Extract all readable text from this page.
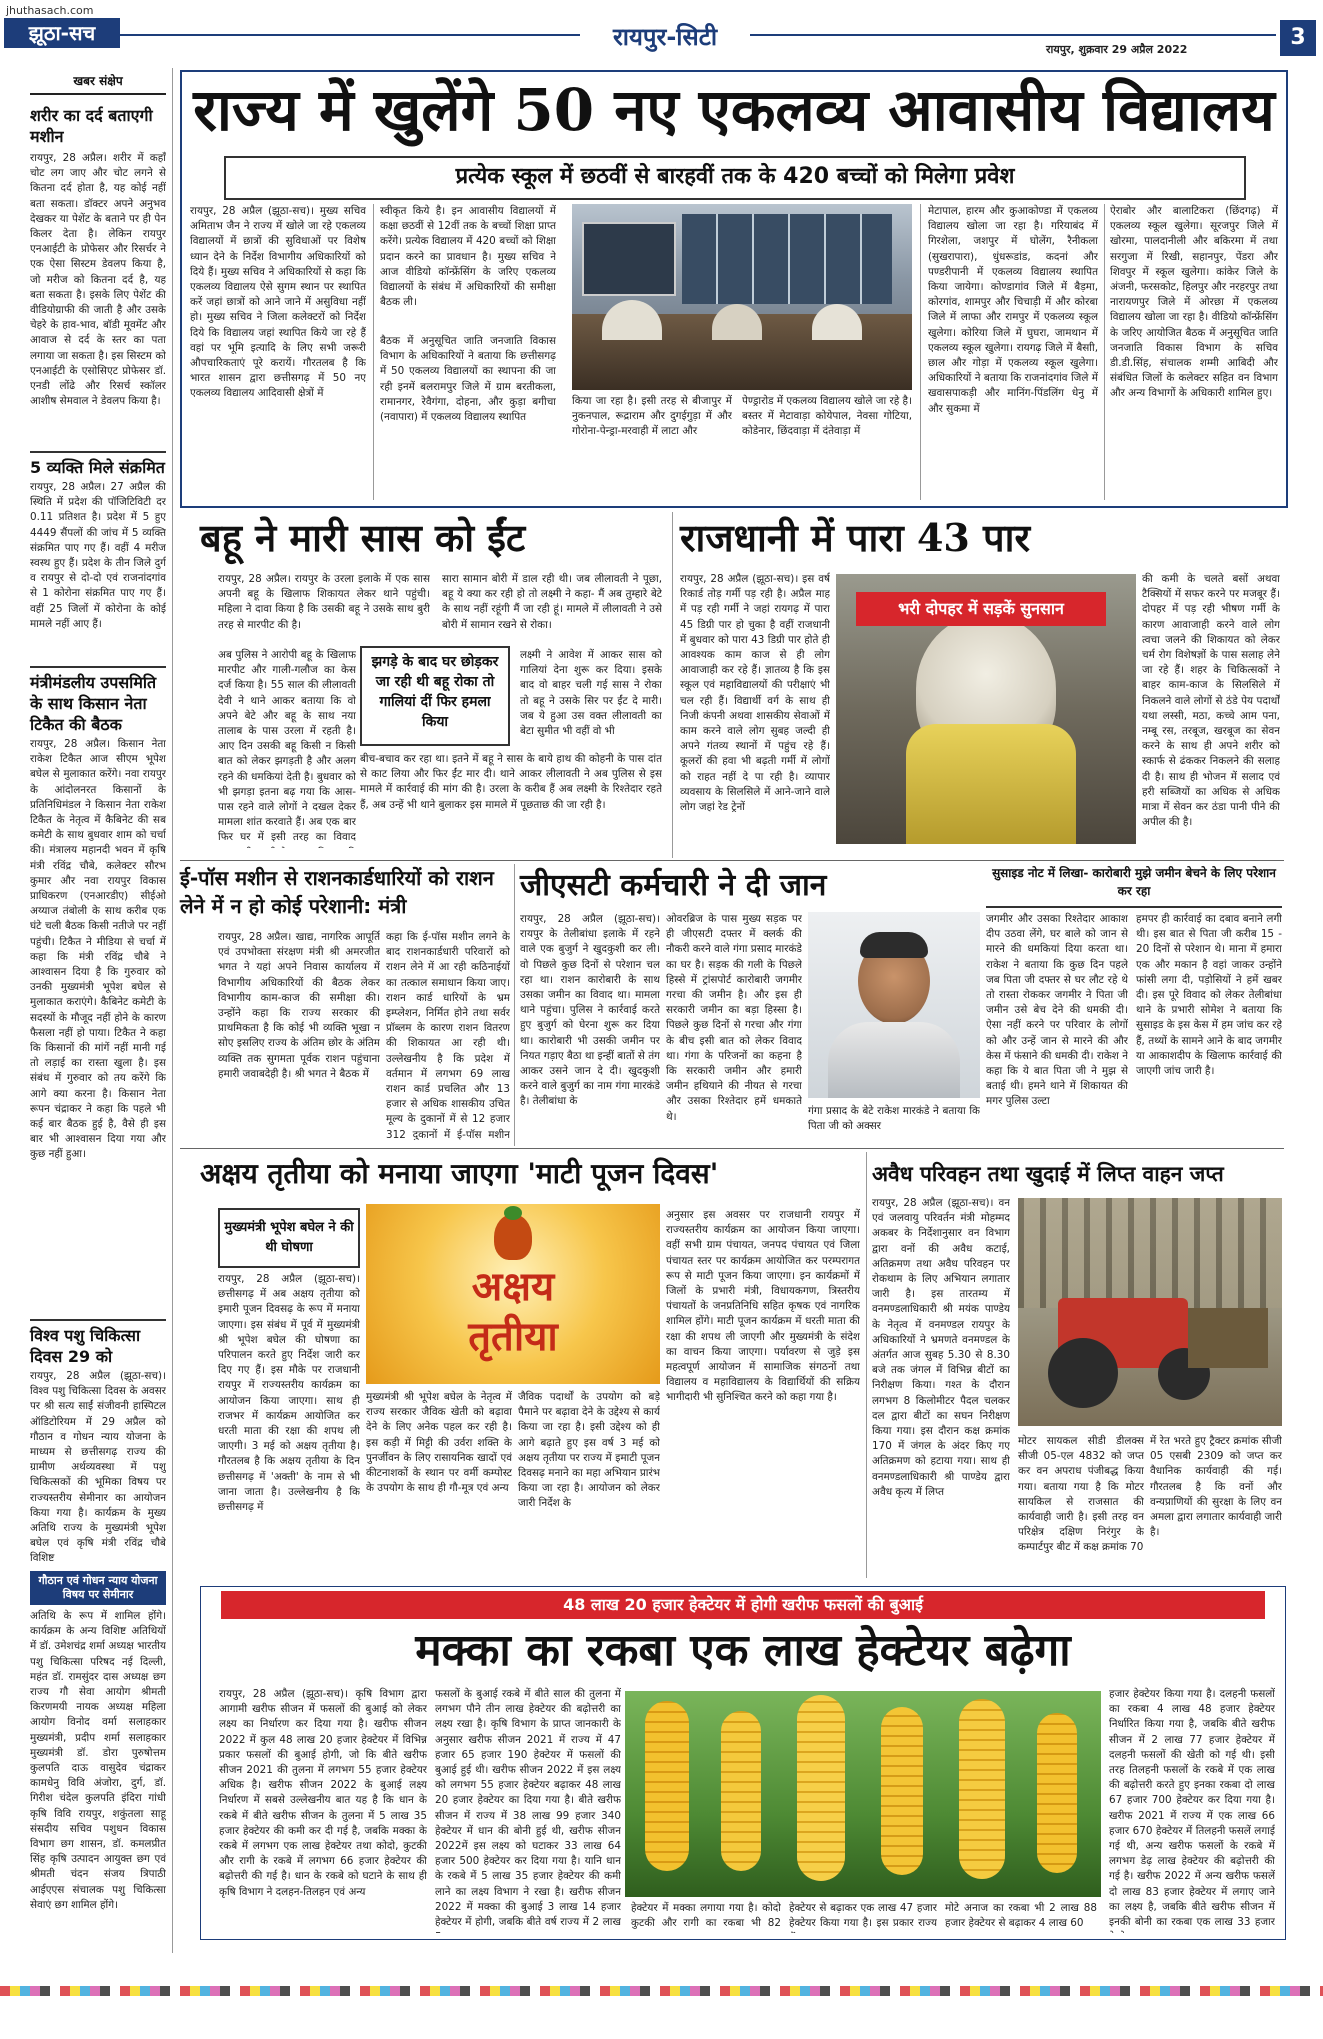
jhuthasach.com
झूठा-सच	रायपुर-सिटी	रायपुर, शुक्रवार 29 अप्रैल 2022	3
खबर संक्षेप
शरीर का दर्द बताएगी मशीन
रायपुर, 28 अप्रैल। शरीर में कहाँ चोट लग जाए और चोट लगने से कितना दर्द होता है, यह कोई नहीं बता सकता। डॉक्टर अपने अनुभव देखकर या पेशेंट के बताने पर ही पेन किलर देता है। लेकिन रायपुर एनआईटी के प्रोफेसर और रिसर्चर ने एक ऐसा सिस्टम डेवलप किया है, जो मरीज को कितना दर्द है, यह बता सकता है। इसके लिए पेशेंट की वीडियोग्राफी की जाती है और उसके चेहरे के हाव-भाव, बॉडी मूवमेंट और आवाज से दर्द के स्तर का पता लगाया जा सकता है। इस सिस्टम को एनआईटी के एसोसिएट प्रोफेसर डॉ. एनडी लोंढे और रिसर्च स्कॉलर आशीष सेमवाल ने डेवलप किया है।
5 व्यक्ति मिले संक्रमित
रायपुर, 28 अप्रैल। 27 अप्रैल की स्थिति में प्रदेश की पॉजिटिविटी दर 0.11 प्रतिशत है। प्रदेश में 5 हुए 4449 सैंपलों की जांच में 5 व्यक्ति संक्रमित पाए गए हैं। वहीं 4 मरीज स्वस्थ हुए हैं। प्रदेश के तीन जिले दुर्ग व रायपुर से दो-दो एवं राजनांदगांव से 1 कोरोना संक्रमित पाए गए हैं। वहीं 25 जिलों में कोरोना के कोई मामले नहीं आए हैं।
मंत्रीमंडलीय उपसमिति के साथ किसान नेता टिकैत की बैठक
रायपुर, 28 अप्रैल। किसान नेता राकेश टिकैत आज सीएम भूपेश बघेल से मुलाकात करेंगे। नवा रायपुर के आंदोलनरत किसानों के प्रतिनिधिमंडल ने किसान नेता राकेश टिकैत के नेतृत्व में कैबिनेट की सब कमेटी के साथ बुधवार शाम को चर्चा की। मंत्रालय महानदी भवन में कृषि मंत्री रविंद्र चौबे, कलेक्टर सौरभ कुमार और नवा रायपुर विकास प्राधिकरण (एनआरडीए) सीईओ अय्याज तंबोली के साथ करीब एक घंटे चली बैठक किसी नतीजे पर नहीं पहुंची। टिकैत ने मीडिया से चर्चा में कहा कि मंत्री रविंद्र चौबे ने आश्वासन दिया है कि गुरुवार को उनकी मुख्यमंत्री भूपेश बघेल से मुलाकात कराएंगे। कैबिनेट कमेटी के सदस्यों के मौजूद नहीं होने के कारण फैसला नहीं हो पाया। टिकैत ने कहा कि किसानों की मांगें नहीं मानी गई तो लड़ाई का रास्ता खुला है। इस संबंध में गुरुवार को तय करेंगे कि आगे क्या करना है। किसान नेता रूपन चंद्राकर ने कहा कि पहले भी कई बार बैठक हुई है, वैसे ही इस बार भी आश्वासन दिया गया और कुछ नहीं हुआ।
विश्व पशु चिकित्सा दिवस 29 को
रायपुर, 28 अप्रैल (झूठा-सच)। विश्व पशु चिकित्सा दिवस के अवसर पर श्री सत्य साईं संजीवनी हास्पिटल ऑडिटोरियम में 29 अप्रैल को गौठान व गोधन न्याय योजना के माध्यम से छत्तीसगढ़ राज्य की ग्रामीण अर्थव्यवस्था में पशु चिकित्सकों की भूमिका विषय पर राज्यस्तरीय सेमीनार का आयोजन किया गया है। कार्यक्रम के मुख्य अतिथि राज्य के मुख्यमंत्री भूपेश बघेल एवं कृषि मंत्री रविंद्र चौबे विशिष्ट
गौठान एवं गोधन न्याय योजना विषय पर सेमीनार
अतिथि के रूप में शामिल होंगे। कार्यक्रम के अन्य विशिष्ट अतिथियों में डॉ. उमेशचंद्र शर्मा अध्यक्ष भारतीय पशु चिकित्सा परिषद नई दिल्ली, महंत डॉ. रामसुंदर दास अध्यक्ष छग राज्य गौ सेवा आयोग श्रीमती किरणमयी नायक अध्यक्ष महिला आयोग विनोद वर्मा सलाहकार मुख्यमंत्री, प्रदीप शर्मा सलाहकार मुख्यमंत्री डॉ. डोरा पुरुषोत्तम कुलपति दाऊ वासुदेव चंद्राकर कामधेनु विवि अंजोरा, दुर्ग, डॉ. गिरीश चंदेल कुलपति इंदिरा गांधी कृषि विवि रायपुर, शकुंतला साहू संसदीय सचिव पशुधन विकास विभाग छग शासन, डॉ. कमलप्रीत सिंह कृषि उत्पादन आयुक्त छग एवं श्रीमती चंदन संजय त्रिपाठी आईएएस संचालक पशु चिकित्सा सेवाएं छग शामिल होंगे।
राज्य में खुलेंगे 50 नए एकलव्य आवासीय विद्यालय
प्रत्येक स्कूल में छठवीं से बारहवीं तक के 420 बच्चों को मिलेगा प्रवेश
रायपुर, 28 अप्रैल (झूठा-सच)। मुख्य सचिव अमिताभ जैन ने राज्य में खोले जा रहे एकलव्य विद्यालयों में छात्रों की सुविधाओं पर विशेष ध्यान देने के निर्देश विभागीय अधिकारियों को दिये हैं। मुख्य सचिव ने अधिकारियों से कहा कि एकलव्य विद्यालय ऐसे सुगम स्थान पर स्थापित करें जहां छात्रों को आने जाने में असुविधा नहीं हो। मुख्य सचिव ने जिला कलेक्टरों को निर्देश दिये कि विद्यालय जहां स्थापित किये जा रहे हैं वहां पर भूमि इत्यादि के लिए सभी जरूरी औपचारिकताएं पूरे करायें। गौरतलब है कि भारत शासन द्वारा छत्तीसगढ़ में 50 नए एकलव्य विद्यालय आदिवासी क्षेत्रों में
स्वीकृत किये है। इन आवासीय विद्यालयों में कक्षा छठवीं से 12वीं तक के बच्चों शिक्षा प्राप्त करेंगे। प्रत्येक विद्यालय में 420 बच्चों को शिक्षा प्रदान करने का प्रावधान है। मुख्य सचिव ने आज वीडियो कॉन्फ्रेंसिंग के जरिए एकलव्य विद्यालयों के संबंध में अधिकारियों की समीक्षा बैठक ली।
बैठक में अनुसूचित जाति जनजाति विकास विभाग के अधिकारियों ने बताया कि छत्तीसगढ़ में 50 एकलव्य विद्यालयों का स्थापना की जा रही इनमें बलरामपुर जिले में ग्राम बरतीकला, रामानगर, रेवैगंगा, दोहना, और कुड़ा बगीचा (नवापारा) में एकलव्य विद्यालय स्थापित
किया जा रहा है। इसी तरह से बीजापुर में नुकनपाल, रूद्राराम और दुगईगुड़ा में और गोरोना-पेन्ड्रा-मरवाही में लाटा और
पेण्ड्रारोड में एकलव्य विद्यालय खोले जा रहे है। बस्तर में मेटावाड़ा कोयेपाल, नेवसा गोटिया, कोडेनार, छिंदवाड़ा में दंतेवाड़ा में
मेटापाल, हारम और कुआकोण्डा में एकलव्य विद्यालय खोला जा रहा है। गरियाबंद में गिरशेला, जशपुर में घोलेंग, रैनीकला (सुखरापारा), धुंधरूडांड, कदनां और पण्डरीपानी में एकलव्य विद्यालय स्थापित किया जायेगा। कोण्डागांव जिले में बैड़मा, कोरगांव, शामपुर और चिचाड़ी में और कोरबा जिले में लाफा और रामपुर में एकलव्य स्कूल खुलेगा। कोरिया जिले में घुघरा, जामथान में एकलव्य स्कूल खुलेगा। रायगढ़ जिले में बैसाी, छाल और गोड़ा में एकलव्य स्कूल खुलेगा। अधिकारियों ने बताया कि राजनांदगांव जिले में खवासपाकड़ी और मानिंग-पिंडलिंग धेनु में और सुकमा में
ऐराबोर और बालाटिकरा (छिंदगढ़) में एकलव्य स्कूल खुलेगा। सूरजपुर जिले में खोरमा, पालदानीली और बकिरमा में तथा सरगुजा में रिखी, सहानपुर, पेंडरा और शिवपुर में स्कूल खुलेगा। कांकेर जिले के अंजनी, फरसकोट, हिलपुर और नरहरपुर तथा नारायणपुर जिले में ओरछा में एकलव्य विद्यालय खोला जा रहा है। वीडियो कॉन्फ्रेंसिंग के जरिए आयोजित बैठक में अनुसूचित जाति जनजाति विकास विभाग के सचिव डी.डी.सिंह, संचालक शम्मी आबिदी और संबंधित जिलों के कलेक्टर सहित वन विभाग और अन्य विभागों के अधिकारी शामिल हुए।
बहू ने मारी सास को ईंट
रायपुर, 28 अप्रैल। रायपुर के उरला इलाके में एक सास अपनी बहू के खिलाफ शिकायत लेकर थाने पहुंची। महिला ने दावा किया है कि उसकी बहू ने उसके साथ बुरी तरह से मारपीट की है।
अब पुलिस ने आरोपी बहू के खिलाफ मारपीट और गाली-गलौज का केस दर्ज किया है। 55 साल की लीलावती देवी ने थाने आकर बताया कि वो अपने बेटे और बहू के साथ नया तालाब के पास उरला में रहती है। आए दिन उसकी बहू किसी न किसी बात को लेकर झगड़ती है और अलग रहने की धमकियां देती है। बुधवार को भी झगड़ा इतना बढ़ गया कि आस-पास रहने वाले लोगों ने दखल देकर मामला शांत करवाते हैं। अब एक बार फिर घर में इसी तरह का विवाद
सारा सामान बोरी में डाल रही थी। जब लीलावती ने पूछा, बहू ये क्या कर रही हो तो लक्ष्मी ने कहा- मैं अब तुम्हारे बेटे के साथ नहीं रहूंगी मैं जा रही हूं। मामले में लीलावती ने उसे बोरी में सामान रखने से रोका।
झगड़े के बाद घर छोड़कर जा रही थी बहू रोका तो गालियां दीं फिर हमला किया
लक्ष्मी ने आवेश में आकर सास को गालियां देना शुरू कर दिया। इसके बाद वो बाहर चली गई सास ने रोका तो बहू ने उसके सिर पर ईंट दे मारी। जब ये हुआ उस वक्त लीलावती का बेटा सुमीत भी वहीं वो भी
बीच-बचाव कर रहा था। इतने में बहू ने सास के बाये हाथ की कोहनी के पास दांत से काट लिया और फिर ईंट मार दी। थाने आकर लीलावती ने अब पुलिस से इस मामले में कार्रवाई की मांग की है। उरला के करीब हैं अब लक्ष्मी के रिश्तेदार रहते हैं, अब उन्हें भी थाने बुलाकर इस मामले में पूछताछ की जा रही है।
राजधानी में पारा 43 पार
रायपुर, 28 अप्रैल (झूठा-सच)। इस वर्ष रिकार्ड तोड़ गर्मी पड़ रही है। अप्रैल माह में पड़ रही गर्मी ने जहां रायगढ़ में पारा 45 डिग्री पार हो चुका है वहीं राजधानी में बुधवार को पारा 43 डिग्री पार होते ही आवश्यक काम काज से ही लोग आवाजाही कर रहे हैं। ज्ञातव्य है कि इस स्कूल एवं महाविद्यालयों की परीक्षाएं भी चल रही हैं। विद्यार्थी वर्ग के साथ ही निजी कंपनी अथवा शासकीय सेवाओं में काम करने वाले लोग सुबह जल्दी ही अपने गंतव्य स्थानों में पहुंच रहे हैं। कूलरों की हवा भी बढ़ती गर्मी में लोगों को राहत नहीं दे पा रही है। व्यापार व्यवसाय के सिलसिले में आने-जाने वाले लोग जहां रेड ट्रेनों
भरी दोपहर में सड़कें सुनसान
की कमी के चलते बसों अथवा टैक्सियों में सफर करने पर मजबूर हैं। दोपहर में पड़ रही भीषण गर्मी के कारण आवाजाही करने वाले लोग त्वचा जलने की शिकायत को लेकर चर्म रोग विशेषज्ञों के पास सलाह लेने जा रहे हैं। शहर के चिकित्सकों ने बाहर काम-काज के सिलसिले में निकलने वाले लोगों से ठंडे पेय पदार्थों यथा लस्सी, मठा, कच्चे आम पना, नम्बू रस, तरबूज, खरबूज का सेवन करने के साथ ही अपने शरीर को स्कार्फ से ढंककर निकलने की सलाह दी है। साथ ही भोजन में सलाद एवं हरी सब्जियों का अधिक से अधिक मात्रा में सेवन कर ठंडा पानी पीने की अपील की है।
ई-पॉस मशीन से राशनकार्डधारियों को राशन लेने में न हो कोई परेशानी: मंत्री
रायपुर, 28 अप्रैल। खाद्य, नागरिक आपूर्ति एवं उपभोक्ता संरक्षण मंत्री श्री अमरजीत भगत ने यहां अपने निवास कार्यालय में विभागीय अधिकारियों की बैठक लेकर विभागीय काम-काज की समीक्षा की। उन्होंने कहा कि राज्य सरकार की प्राथमिकता है कि कोई भी व्यक्ति भूखा न सोए इसलिए राज्य के अंतिम छोर के अंतिम व्यक्ति तक सुगमता पूर्वक राशन पहुंचाना हमारी जवाबदेही है। श्री भगत ने बैठक में
कहा कि ई-पॉस मशीन लगने के बाद राशनकार्डधारी परिवारों को राशन लेने में आ रही कठिनाईयों का तत्काल समाधान किया जाए। राशन कार्ड धारियों के भ्रम इम्प्लेशन, निर्मित होने तथा सर्वर प्रॉब्लम के कारण राशन वितरण की शिकायत आ रही थी। उल्लेखनीय है कि प्रदेश में वर्तमान में लगभग 69 लाख राशन कार्ड प्रचलित और 13 हजार से अधिक शासकीय उचित मूल्य के दुकानों में से 12 हजार 312 दुकानों में ई-पॉस मशीन
जीएसटी कर्मचारी ने दी जान	सुसाइड नोट में लिखा- कारोबारी मुझे जमीन बेचने के लिए परेशान कर रहा
रायपुर, 28 अप्रैल (झूठा-सच)। रायपुर के तेलीबांधा इलाके में रहने वाले एक बुजुर्ग ने खुदकुशी कर ली। वो पिछले कुछ दिनों से परेशान चल रहा था। राशन कारोबारी के साथ उसका जमीन का विवाद था। मामला थाने पहुंचा। पुलिस ने कार्रवाई करते हुए बुजुर्ग को घेरना शुरू कर दिया था। कारोबारी भी उसकी जमीन पर नियत गड़ाए बैठा था इन्हीं बातों से तंग आकर उसने जान दे दी। खुदकुशी करने वाले बुजुर्ग का नाम गंगा मारकंडे है। तेलीबांधा के
ओवरब्रिज के पास मुख्य सड़क पर ही जीएसटी दफ्तर में क्लर्क की नौकरी करने वाले गंगा प्रसाद मारकंडे का घर है। सड़क की गली के पिछले हिस्से में ट्रांसपोर्ट कारोबारी जगमीर गरचा की जमीन है। और इस ही सरकारी जमीन का बड़ा हिस्सा है। पिछले कुछ दिनों से गरचा और गंगा के बीच इसी बात को लेकर विवाद था। गंगा के परिजनों का कहना है कि सरकारी जमीन और हमारी जमीन हथियाने की नीयत से गरचा और उसका रिश्तेदार हमें धमकाते थे।	गंगा प्रसाद के बेटे राकेश मारकंडे ने बताया कि पिता जी को अक्सर
जगमीर और उसका रिश्तेदार आकाश दीप उठवा लेंगे, घर बाले को जान से मारने की धमकियां दिया करता था। राकेश ने बताया कि कुछ दिन पहले जब पिता जी दफ्तर से घर लौट रहे थे तो रास्ता रोककर जगमीर ने पिता जी जमीन उसे बेच देने की धमकी दी। ऐसा नहीं करने पर परिवार के लोगों को और उन्हें जान से मारने की और केस में फंसाने की धमकी दी। राकेश ने कहा कि ये बात पिता जी ने मुझ से बताई थी। हमने थाने में शिकायत की मगर पुलिस उल्टा
हमपर ही कार्रवाई का दबाव बनाने लगी थी। इस बात से पिता जी करीब 15 - 20 दिनों से परेशान थे। माना में हमारा एक और मकान है वहां जाकर उन्होंने फांसी लगा दी, पड़ोसियों ने हमें खबर दी। इस पूरे विवाद को लेकर तेलीबांधा थाने के प्रभारी सोमेश ने बताया कि सुसाइड के इस केस में हम जांच कर रहे हैं, तथ्यों के सामने आने के बाद जगमीर या आकाशदीप के खिलाफ कार्रवाई की जाएगी जांच जारी है।
अक्षय तृतीया को मनाया जाएगा 'माटी पूजन दिवस'
मुख्यमंत्री भूपेश बघेल ने की थी घोषणा
अक्षय
तृतीया
रायपुर, 28 अप्रैल (झूठा-सच)। छत्तीसगढ़ में अब अक्षय तृतीया को इमारी पूजन दिवसढ़ के रूप में मनाया जाएगा। इस संबंध में पूर्व में मुख्यमंत्री श्री भूपेश बघेल की घोषणा का परिपालन करते हुए निर्देश जारी कर दिए गए हैं। इस मौके पर राजधानी रायपुर में राज्यस्तरीय कार्यक्रम का आयोजन किया जाएगा। साथ ही राजभर में कार्यक्रम आयोजित कर धरती माता की रक्षा की शपथ ली जाएगी। 3 मई को अक्षय तृतीया है। गौरतलब है कि अक्षय तृतीया के दिन छत्तीसगढ़ में 'अक्ती' के नाम से भी जाना जाता है। उल्लेखनीय है कि छत्तीसगढ़ में
मुख्यमंत्री श्री भूपेश बघेल के नेतृत्व में राज्य सरकार जैविक खेती को बढ़ावा देने के लिए अनेक पहल कर रही है। इस कड़ी में मिट्टी की उर्वरा शक्ति के पुनर्जीवन के लिए रासायनिक खादों एवं कीटनाशकों के स्थान पर वर्मी कम्पोस्ट के उपयोग के साथ ही गौ-मूत्र एवं अन्य
जैविक पदार्थों के उपयोग को बड़े पैमाने पर बढ़ावा देने के उद्देश्य से कार्य किया जा रहा है। इसी उद्देश्य को ही आगे बढ़ाते हुए इस वर्ष 3 मई को अक्षय तृतीया पर राज्य में इमाटी पूजन दिवसढ़ मनाने का महा अभियान प्रारंभ किया जा रहा है। आयोजन को लेकर जारी निर्देश के
अनुसार इस अवसर पर राजधानी रायपुर में राज्यस्तरीय कार्यक्रम का आयोजन किया जाएगा। वहीं सभी ग्राम पंचायत, जनपद पंचायत एवं जिला पंचायत स्तर पर कार्यक्रम आयोजित कर परम्परागत रूप से माटी पूजन किया जाएगा। इन कार्यक्रमों में जिलों के प्रभारी मंत्री, विधायकगण, त्रिस्तरीय पंचायतों के जनप्रतिनिधि सहित कृषक एवं नागरिक शामिल होंगे। माटी पूजन कार्यक्रम में धरती माता की रक्षा की शपथ ली जाएगी और मुख्यमंत्री के संदेश का वाचन किया जाएगा। पर्यावरण से जुड़े इस महत्वपूर्ण आयोजन में सामाजिक संगठनों तथा विद्यालय व महाविद्यालय के विद्यार्थियों की सक्रिय भागीदारी भी सुनिश्चित करने को कहा गया है।
अवैध परिवहन तथा खुदाई में लिप्त वाहन जप्त
रायपुर, 28 अप्रैल (झूठा-सच)। वन एवं जलवायु परिवर्तन मंत्री मोहम्मद अकबर के निर्देशानुसार वन विभाग द्वारा वनों की अवैध कटाई, अतिक्रमण तथा अवैध परिवहन पर रोकथाम के लिए अभियान लगातार जारी है। इस तारतम्य में वनमण्डलाधिकारी श्री मयंक पाण्डेय के नेतृत्व में वनमण्डल रायपुर के अधिकारियों ने भ्रमणते वनमण्डल के अंतर्गत आज सुबह 5.30 से 8.30 बजे तक जंगल में विभिन्न बीटों का निरीक्षण किया। गश्त के दौरान लगभग 8 किलोमीटर पैदल चलकर दल द्वारा बीटों का सघन निरीक्षण किया गया। इस दौरान कक्ष क्रमांक 170 में जंगल के अंदर किए गए अतिक्रमण को हटाया गया। साथ ही वनमण्डलाधिकारी श्री पाण्डेय द्वारा अवैध कृत्य में लिप्त
मोटर सायकल सीडी डीलक्स सीजी 05-एल 4832 को जप्त कर वन अपराध पंजीबद्ध किया गया। बताया गया है कि मोटर सायकिल से राजसात की कार्यवाही जारी है। इसी तरह वन परिक्षेत्र दक्षिण निरंगुर के कम्पार्टपुर बीट में कक्ष क्रमांक 70
में रेत भरते हुए ट्रैक्टर क्रमांक सीजी 05 एसबी 2309 को जप्त कर वैधानिक कार्यवाही की गई। गौरतलब है कि वनों और वन्यप्राणियों की सुरक्षा के लिए वन अमला द्वारा लगातार कार्यवाही जारी है।
48 लाख 20 हजार हेक्टेयर में होगी खरीफ फसलों की बुआई
मक्का का रकबा एक लाख हेक्टेयर बढ़ेगा
रायपुर, 28 अप्रैल (झूठा-सच)। कृषि विभाग द्वारा आगामी खरीफ सीजन में फसलों की बुआई को लेकर लक्ष्य का निर्धारण कर दिया गया है। खरीफ सीजन 2022 में कुल 48 लाख 20 हजार हेक्टेयर में विभिन्न प्रकार फसलों की बुआई होगी, जो कि बीते खरीफ सीजन 2021 की तुलना में लगभग 55 हजार हेक्टेयर अधिक है। खरीफ सीजन 2022 के बुआई लक्ष्य निर्धारण में सबसे उल्लेखनीय बात यह है कि धान के रकबे में बीते खरीफ सीजन के तुलना में 5 लाख 35 हजार हेक्टेयर की कमी कर दी गई है, जबकि मक्का के रकबे में लगभग एक लाख हेक्टेयर तथा कोदो, कुटकी और रागी के रकबे में लगभग 66 हजार हेक्टेयर की बढ़ोत्तरी की गई है। धान के रकबे को घटाने के साथ ही कृषि विभाग ने दलहन-तिलहन एवं अन्य
फसलों के बुआई रकबे में बीते साल की तुलना में लगभग पौने तीन लाख हेक्टेयर की बढ़ोत्तरी का लक्ष्य रखा है। कृषि विभाग के प्राप्त जानकारी के अनुसार खरीफ सीजन 2021 में राज्य में 47 हजार 65 हजार 190 हेक्टेयर में फसलों की बुआई हुई थी। खरीफ सीजन 2022 में इस लक्ष्य को लगभग 55 हजार हेक्टेयर बढ़ाकर 48 लाख 20 हजार हेक्टेयर का दिया गया है। बीते खरीफ सीजन में राज्य में 38 लाख 99 हजार 340 हेक्टेयर में धान की बोनी हुई थी, खरीफ सीजन 2022में इस लक्ष्य को घटाकर 33 लाख 64 हजार 500 हेक्टेयर कर दिया गया है। यानि धान के रकबे में 5 लाख 35 हजार हेक्टेयर की कमी लाने का लक्ष्य विभाग ने रखा है। खरीफ सीजन 2022 में मक्का की बुआई 3 लाख 14 हजार हेक्टेयर में होगी, जबकि बीते वर्ष राज्य में 2 लाख
हेक्टेयर में मक्का लगाया गया है। कोदो कुटकी और रागी का रकबा भी 82
हेक्टेयर से बढ़ाकर एक लाख 47 हजार हेक्टेयर किया गया है। इस प्रकार राज्य
मोटे अनाज का रकबा भी 2 लाख 88 हजार हेक्टेयर से बढ़ाकर 4 लाख 60
हजार हेक्टेयर किया गया है। दलहनी फसलों का रकबा 4 लाख 48 हजार हेक्टेयर निर्धारित किया गया है, जबकि बीते खरीफ सीजन में 2 लाख 77 हजार हेक्टेयर में दलहनी फसलों की खेती को गई थी। इसी तरह तिलहनी फसलों के रकबे में एक लाख की बढ़ोत्तरी करते हुए इनका रकबा दो लाख 67 हजार 700 हेक्टेयर कर दिया गया है। खरीफ 2021 में राज्य में एक लाख 66 हजार 670 हेक्टेयर में तिलहनी फसलें लगाई गई थी, अन्य खरीफ फसलों के रकबे में लगभग डेढ़ लाख हेक्टेयर की बढ़ोत्तरी की गई है। खरीफ 2022 में अन्य खरीफ फसलें दो लाख 83 हजार हेक्टेयर में लगाए जाने का लक्ष्य है, जबकि बीते खरीफ सीजन में इनकी बोनी का रकबा एक लाख 33 हजार
